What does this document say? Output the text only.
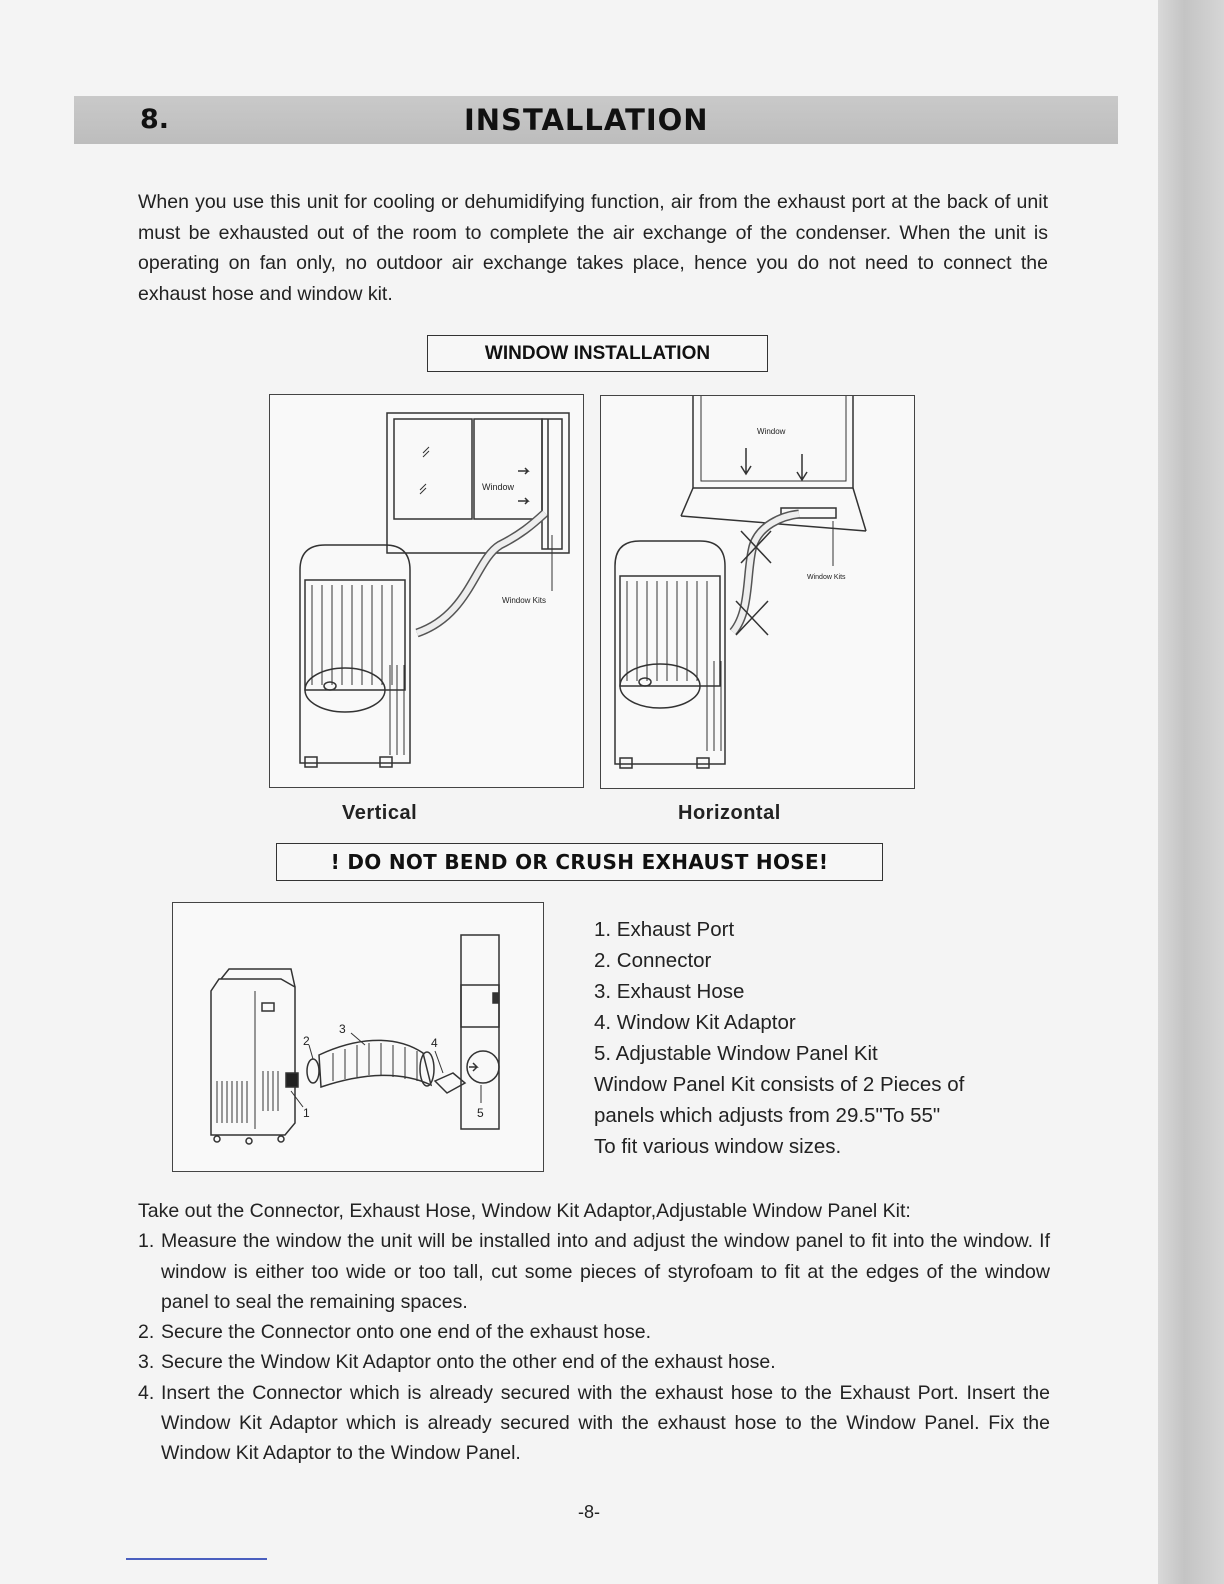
8.	INSTALLATION

When you use this unit for cooling or dehumidifying function, air from the exhaust port at the back of unit must be exhausted out of the room to complete the air exchange of the condenser. When the unit is operating on fan only, no outdoor air exchange takes place, hence you do not need to connect the exhaust hose and window kit.

WINDOW INSTALLATION
Window
Window Kits
Window
Window Kits
Vertical	Horizontal
! DO NOT BEND OR CRUSH EXHAUST HOSE!
1
2
3
4
5
1. Exhaust Port
2. Connector
3. Exhaust Hose
4. Window Kit Adaptor
5. Adjustable Window Panel Kit
Window Panel Kit consists of 2 Pieces of
panels which adjusts from 29.5"To 55"
To fit various window sizes.

Take out the Connector, Exhaust Hose, Window Kit Adaptor,Adjustable Window Panel Kit:

1. Measure the window the unit will be installed into and adjust the window panel to fit into the window. If window is either too wide or too tall, cut some pieces of styrofoam to fit at the edges of the window panel to seal the remaining spaces.
2. Secure the Connector onto one end of the exhaust hose.
3. Secure the Window Kit Adaptor onto the other end of the exhaust hose.
4. Insert the Connector which is already secured with the exhaust hose to the Exhaust Port. Insert the Window Kit Adaptor which is already secured with the exhaust hose to the Window Panel. Fix the Window Kit Adaptor to the Window Panel.
-8-
